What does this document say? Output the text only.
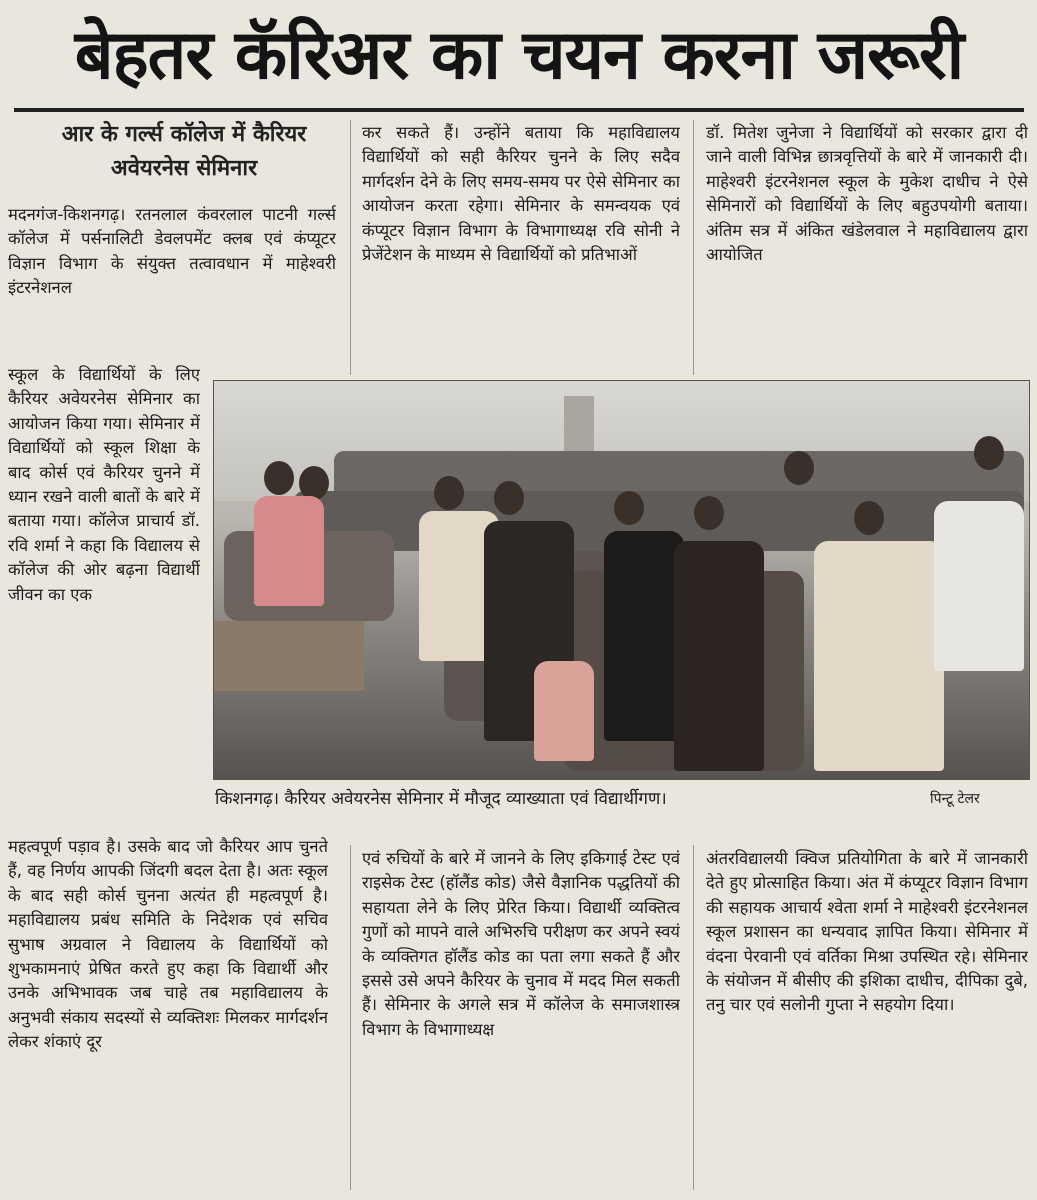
बेहतर कॅरिअर का चयन करना जरूरी
आर के गर्ल्स कॉलेज में कैरियर
अवेयरनेस सेमिनार

मदनगंज-किशनगढ़। रतनलाल कंवरलाल पाटनी गर्ल्स कॉलेज में पर्सनालिटी डेवलपमेंट क्लब एवं कंप्यूटर विज्ञान विभाग के संयुक्त तत्वावधान में माहेश्वरी इंटरनेशनल

स्कूल के विद्यार्थियों के लिए कैरियर अवेयरनेस सेमिनार का आयोजन किया गया। सेमिनार में विद्यार्थियों को स्कूल शिक्षा के बाद कोर्स एवं कैरियर चुनने में ध्यान रखने वाली बातों के बारे में बताया गया। कॉलेज प्राचार्य डॉ. रवि शर्मा ने कहा कि विद्यालय से कॉलेज की ओर बढ़ना विद्यार्थी जीवन का एक

महत्वपूर्ण पड़ाव है। उसके बाद जो कैरियर आप चुनते हैं, वह निर्णय आपकी जिंदगी बदल देता है। अतः स्कूल के बाद सही कोर्स चुनना अत्यंत ही महत्वपूर्ण है। महाविद्यालय प्रबंध समिति के निदेशक एवं सचिव सुभाष अग्रवाल ने विद्यालय के विद्यार्थियों को शुभकामनाएं प्रेषित करते हुए कहा कि विद्यार्थी और उनके अभिभावक जब चाहे तब महाविद्यालय के अनुभवी संकाय सदस्यों से व्यक्तिशः मिलकर मार्गदर्शन लेकर शंकाएं दूर

कर सकते हैं। उन्होंने बताया कि महाविद्यालय विद्यार्थियों को सही कैरियर चुनने के लिए सदैव मार्गदर्शन देने के लिए समय-समय पर ऐसे सेमिनार का आयोजन करता रहेगा। सेमिनार के समन्वयक एवं कंप्यूटर विज्ञान विभाग के विभागाध्यक्ष रवि सोनी ने प्रेजेंटेशन के माध्यम से विद्यार्थियों को प्रतिभाओं

डॉ. मितेश जुनेजा ने विद्यार्थियों को सरकार द्वारा दी जाने वाली विभिन्न छात्रवृत्तियों के बारे में जानकारी दी। माहेश्वरी इंटरनेशनल स्कूल के मुकेश दाधीच ने ऐसे सेमिनारों को विद्यार्थियों के लिए बहुउपयोगी बताया। अंतिम सत्र में अंकित खंडेलवाल ने महाविद्यालय द्वारा आयोजित

किशनगढ़। कैरियर अवेयरनेस सेमिनार में मौजूद व्याख्याता एवं विद्यार्थीगण।	पिन्टू टेलर

एवं रुचियों के बारे में जानने के लिए इकिगाई टेस्ट एवं राइसेक टेस्ट (हॉलैंड कोड) जैसे वैज्ञानिक पद्धतियों की सहायता लेने के लिए प्रेरित किया। विद्यार्थी व्यक्तित्व गुणों को मापने वाले अभिरुचि परीक्षण कर अपने स्वयं के व्यक्तिगत हॉलैंड कोड का पता लगा सकते हैं और इससे उसे अपने कैरियर के चुनाव में मदद मिल सकती हैं। सेमिनार के अगले सत्र में कॉलेज के समाजशास्त्र विभाग के विभागाध्यक्ष

अंतरविद्यालयी क्विज प्रतियोगिता के बारे में जानकारी देते हुए प्रोत्साहित किया। अंत में कंप्यूटर विज्ञान विभाग की सहायक आचार्य श्वेता शर्मा ने माहेश्वरी इंटरनेशनल स्कूल प्रशासन का धन्यवाद ज्ञापित किया। सेमिनार में वंदना पेरवानी एवं वर्तिका मिश्रा उपस्थित रहे। सेमिनार के संयोजन में बीसीए की इशिका दाधीच, दीपिका दुबे, तनु चार एवं सलोनी गुप्ता ने सहयोग दिया।
